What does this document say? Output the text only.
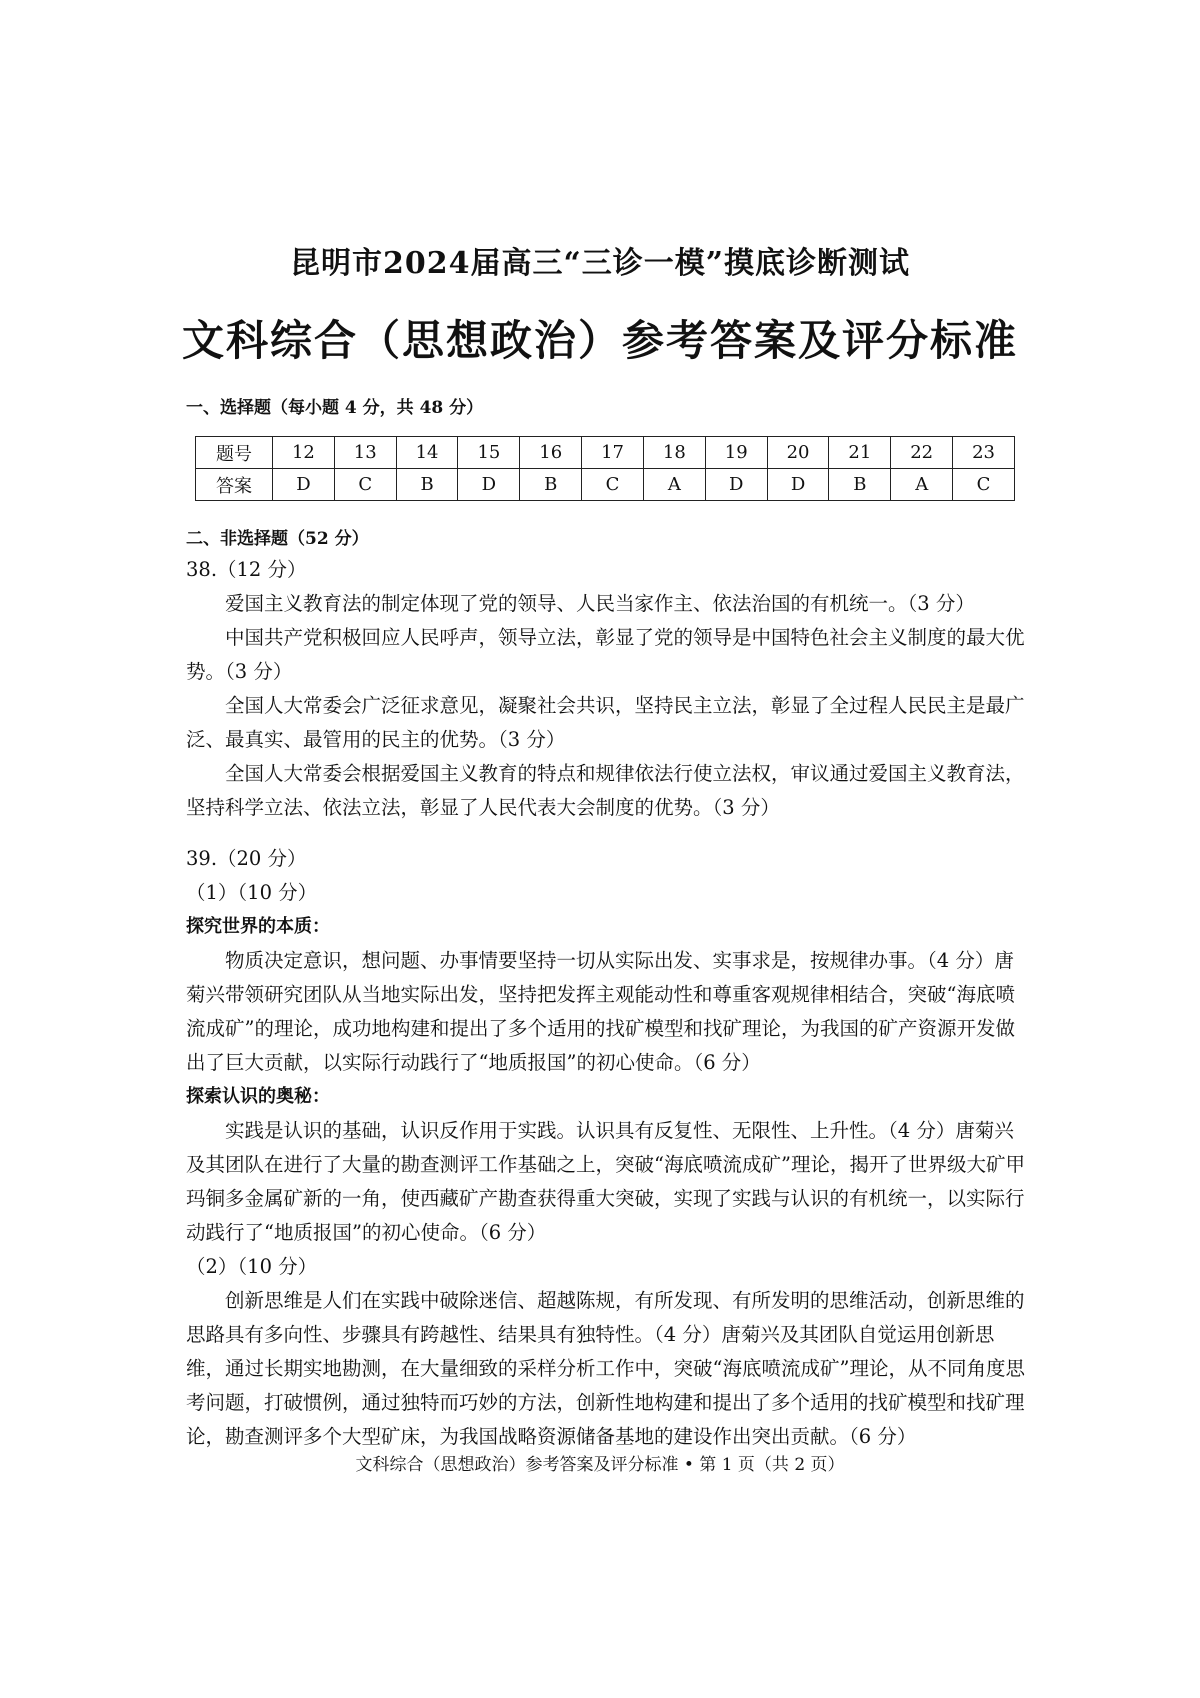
昆明市2024届高三“三诊一模”摸底诊断测试
文科综合（思想政治）参考答案及评分标准
一、选择题（每小题 4 分，共 48 分）
题号	12	13	14	15	16	17	18	19	20	21	22	23
答案	D	C	B	D	B	C	A	D	D	B	A	C
二、非选择题（52 分）

38.（12 分）

爱国主义教育法的制定体现了党的领导、人民当家作主、依法治国的有机统一。（3 分）

中国共产党积极回应人民呼声，领导立法，彰显了党的领导是中国特色社会主义制度的最大优势。（3 分）

全国人大常委会广泛征求意见，凝聚社会共识，坚持民主立法，彰显了全过程人民民主是最广泛、最真实、最管用的民主的优势。（3 分）

全国人大常委会根据爱国主义教育的特点和规律依法行使立法权，审议通过爱国主义教育法，坚持科学立法、依法立法，彰显了人民代表大会制度的优势。（3 分）

39.（20 分）

（1）（10 分）

探究世界的本质：

物质决定意识，想问题、办事情要坚持一切从实际出发、实事求是，按规律办事。（4 分）唐菊兴带领研究团队从当地实际出发，坚持把发挥主观能动性和尊重客观规律相结合，突破“海底喷流成矿”的理论，成功地构建和提出了多个适用的找矿模型和找矿理论，为我国的矿产资源开发做出了巨大贡献，以实际行动践行了“地质报国”的初心使命。（6 分）

探索认识的奥秘：

实践是认识的基础，认识反作用于实践。认识具有反复性、无限性、上升性。（4 分）唐菊兴及其团队在进行了大量的勘查测评工作基础之上，突破“海底喷流成矿”理论，揭开了世界级大矿甲玛铜多金属矿新的一角，使西藏矿产勘查获得重大突破，实现了实践与认识的有机统一，以实际行动践行了“地质报国”的初心使命。（6 分）

（2）（10 分）

创新思维是人们在实践中破除迷信、超越陈规，有所发现、有所发明的思维活动，创新思维的思路具有多向性、步骤具有跨越性、结果具有独特性。（4 分）唐菊兴及其团队自觉运用创新思维，通过长期实地勘测，在大量细致的采样分析工作中，突破“海底喷流成矿”理论，从不同角度思考问题，打破惯例，通过独特而巧妙的方法，创新性地构建和提出了多个适用的找矿模型和找矿理论，勘查测评多个大型矿床，为我国战略资源储备基地的建设作出突出贡献。（6 分）

文科综合（思想政治）参考答案及评分标准 • 第 1 页（共 2 页）
